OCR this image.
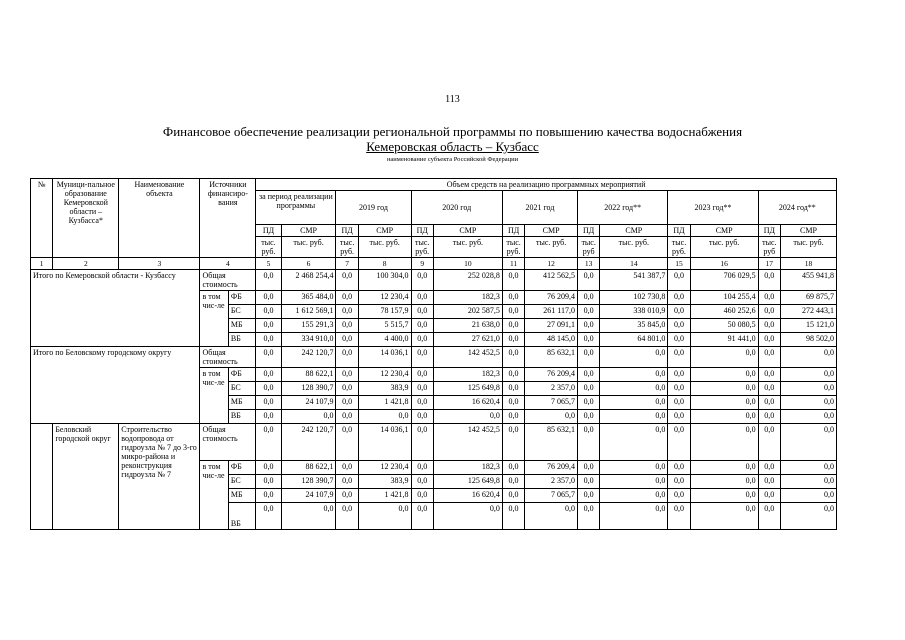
113
Финансовое обеспечение реализации региональной программы по повышению качества водоснабжения
Кемеровская область – Кузбасс
наименование субъекта Российской Федерации
№	Муници-пальное образование Кемеровской области – Кузбасса*	Наименование объекта	Источники финансиро-вания		Объем средств на реализацию программных мероприятий													
					за период реализации программы		2019 год		2020 год		2021 год		2022 год**		2023 год**		2024 год**	
					ПД	СМР	ПД	СМР	ПД	СМР	ПД	СМР	ПД	СМР	ПД	СМР	ПД	СМР
					тыс. руб.	тыс. руб.	тыс. руб.	тыс. руб.	тыс. руб.	тыс. руб.	тыс. руб.	тыс. руб.	тыс. руб	тыс. руб.	тыс. руб.	тыс. руб.	тыс. руб	тыс. руб.
1	2	3	4		5	6	7	8	9	10	11	12	13	14	15	16	17	18
Итого по Кемеровской области - Кузбассу			Общая стоимость		0,0	2 468 254,4	0,0	100 304,0	0,0	252 028,8	0,0	412 562,5	0,0	541 387,7	0,0	706 029,5	0,0	455 941,8
			в том чис-ле	ФБ	0,0	365 484,0	0,0	12 230,4	0,0	182,3	0,0	76 209,4	0,0	102 730,8	0,0	104 255,4	0,0	69 875,7
				БС	0,0	1 612 569,1	0,0	78 157,9	0,0	202 587,5	0,0	261 117,0	0,0	338 010,9	0,0	460 252,6	0,0	272 443,1
				МБ	0,0	155 291,3	0,0	5 515,7	0,0	21 638,0	0,0	27 091,1	0,0	35 845,0	0,0	50 080,5	0,0	15 121,0
				ВБ	0,0	334 910,0	0,0	4 400,0	0,0	27 621,0	0,0	48 145,0	0,0	64 801,0	0,0	91 441,0	0,0	98 502,0
Итого по Беловскому городскому округу			Общая стоимость		0,0	242 120,7	0,0	14 036,1	0,0	142 452,5	0,0	85 632,1	0,0	0,0	0,0	0,0	0,0	0,0
			в том чис-ле	ФБ	0,0	88 622,1	0,0	12 230,4	0,0	182,3	0,0	76 209,4	0,0	0,0	0,0	0,0	0,0	0,0
				БС	0,0	128 390,7	0,0	383,9	0,0	125 649,8	0,0	2 357,0	0,0	0,0	0,0	0,0	0,0	0,0
				МБ	0,0	24 107,9	0,0	1 421,8	0,0	16 620,4	0,0	7 065,7	0,0	0,0	0,0	0,0	0,0	0,0
				ВБ	0,0	0,0	0,0	0,0	0,0	0,0	0,0	0,0	0,0	0,0	0,0	0,0	0,0	0,0
	Беловский городской округ	Строительство водопровода от гидроузла № 7 до 3-го микро-района и реконструкция гидроузла № 7	Общая стоимость		0,0	242 120,7	0,0	14 036,1	0,0	142 452,5	0,0	85 632,1	0,0	0,0	0,0	0,0	0,0	0,0
			в том чис-ле	ФБ	0,0	88 622,1	0,0	12 230,4	0,0	182,3	0,0	76 209,4	0,0	0,0	0,0	0,0	0,0	0,0
				БС	0,0	128 390,7	0,0	383,9	0,0	125 649,8	0,0	2 357,0	0,0	0,0	0,0	0,0	0,0	0,0
				МБ	0,0	24 107,9	0,0	1 421,8	0,0	16 620,4	0,0	7 065,7	0,0	0,0	0,0	0,0	0,0	0,0
				ВБ	0,0	0,0	0,0	0,0	0,0	0,0	0,0	0,0	0,0	0,0	0,0	0,0	0,0	0,0
